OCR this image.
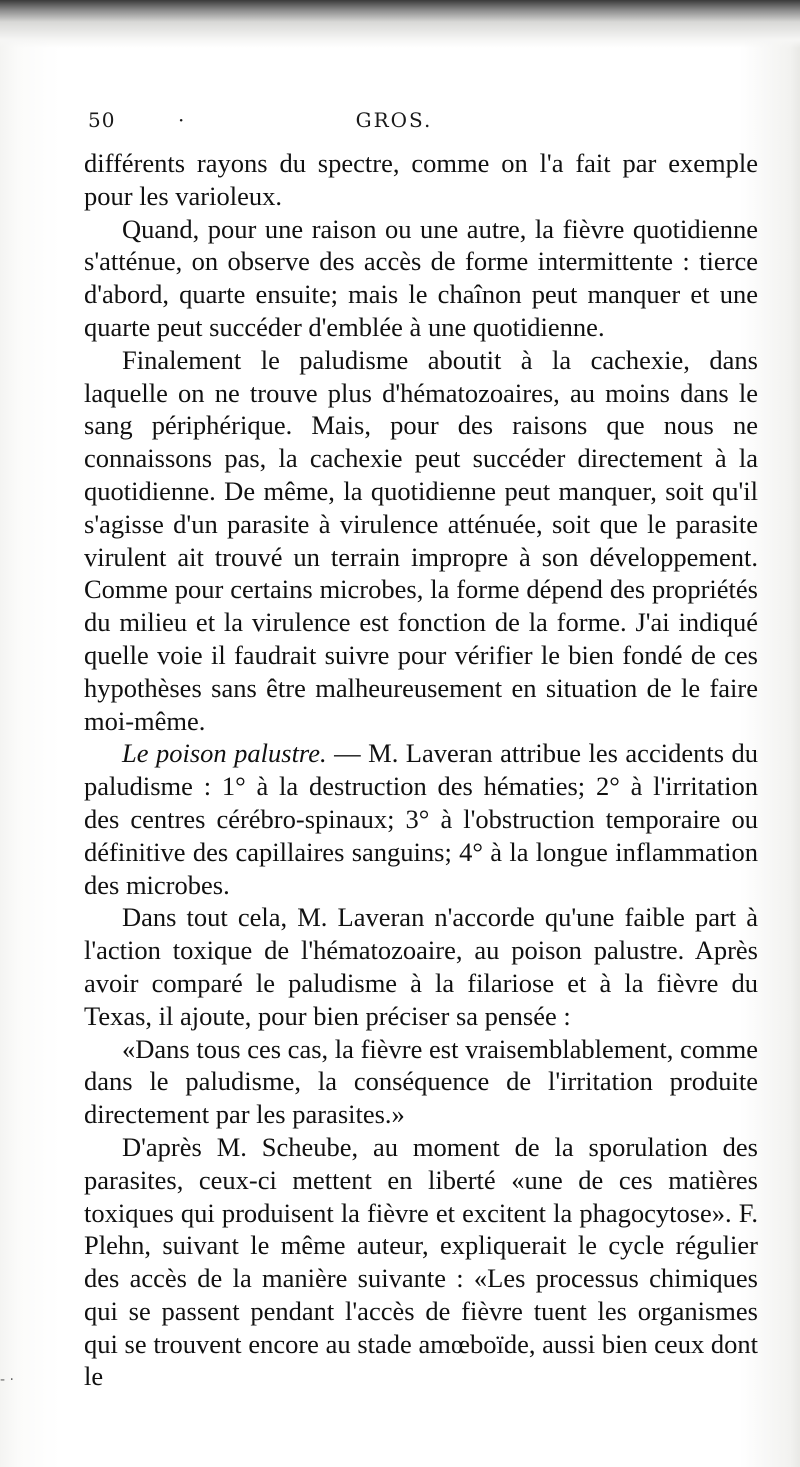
50	·	GROS.

différents rayons du spectre, comme on l'a fait par exemple pour les varioleux.

Quand, pour une raison ou une autre, la fièvre quotidienne s'atténue, on observe des accès de forme intermittente : tierce d'abord, quarte ensuite; mais le chaînon peut manquer et une quarte peut succéder d'emblée à une quotidienne.

Finalement le paludisme aboutit à la cachexie, dans laquelle on ne trouve plus d'hématozoaires, au moins dans le sang périphérique. Mais, pour des raisons que nous ne connaissons pas, la cachexie peut succéder directement à la quotidienne. De même, la quotidienne peut manquer, soit qu'il s'agisse d'un parasite à virulence atténuée, soit que le parasite virulent ait trouvé un terrain impropre à son développement. Comme pour certains microbes, la forme dépend des propriétés du milieu et la virulence est fonction de la forme. J'ai indiqué quelle voie il faudrait suivre pour vérifier le bien fondé de ces hypothèses sans être malheureusement en situation de le faire moi-même.

Le poison palustre. — M. Laveran attribue les accidents du paludisme : 1° à la destruction des hématies; 2° à l'irritation des centres cérébro-spinaux; 3° à l'obstruction temporaire ou définitive des capillaires sanguins; 4° à la longue inflammation des microbes.

Dans tout cela, M. Laveran n'accorde qu'une faible part à l'action toxique de l'hématozoaire, au poison palustre. Après avoir comparé le paludisme à la filariose et à la fièvre du Texas, il ajoute, pour bien préciser sa pensée :

«Dans tous ces cas, la fièvre est vraisemblablement, comme dans le paludisme, la conséquence de l'irritation produite directement par les parasites.»

D'après M. Scheube, au moment de la sporulation des parasites, ceux-ci mettent en liberté «une de ces matières toxiques qui produisent la fièvre et excitent la phagocytose». F. Plehn, suivant le même auteur, expliquerait le cycle régulier des accès de la manière suivante : «Les processus chimiques qui se passent pendant l'accès de fièvre tuent les organismes qui se trouvent encore au stade amœboïde, aussi bien ceux dont le

- ·
